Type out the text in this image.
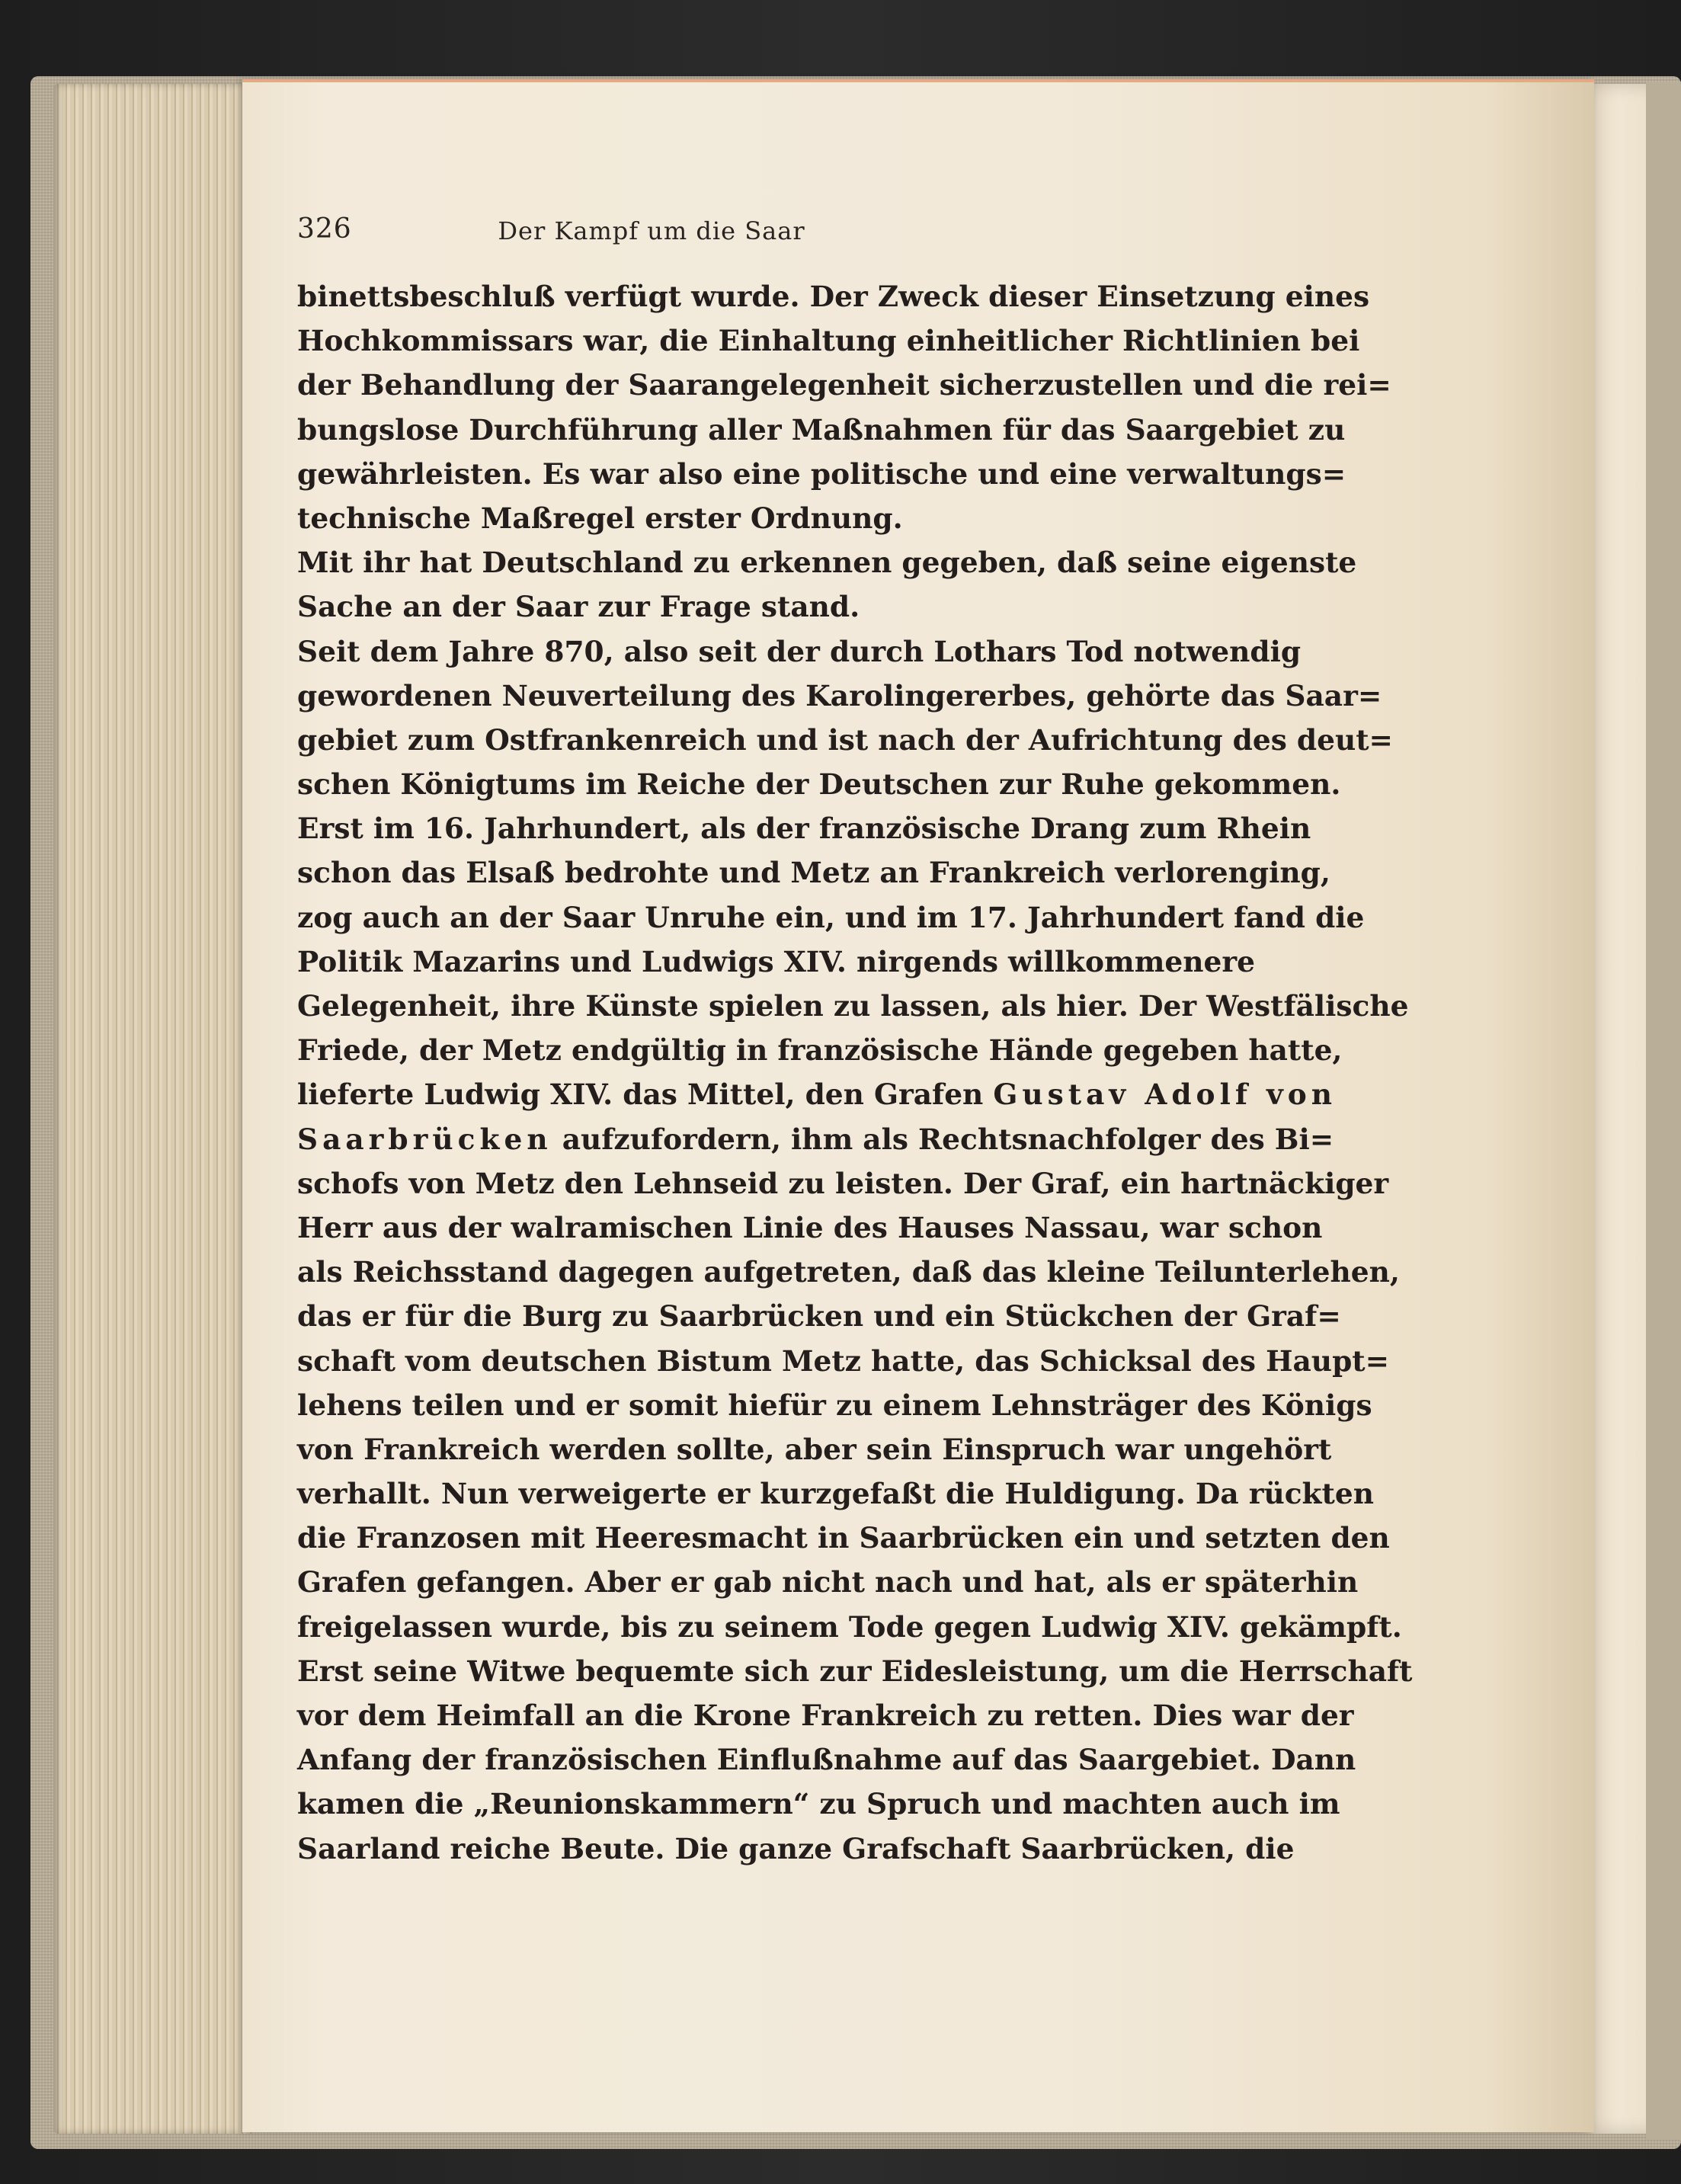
326	Der Kampf um die Saar
binettsbeschluß verfügt wurde. Der Zweck dieser Einsetzung eines
Hochkommissars war, die Einhaltung einheitlicher Richtlinien bei
der Behandlung der Saarangelegenheit sicherzustellen und die rei=
bungslose Durchführung aller Maßnahmen für das Saargebiet zu
gewährleisten. Es war also eine politische und eine verwaltungs=
technische Maßregel erster Ordnung.
Mit ihr hat Deutschland zu erkennen gegeben, daß seine eigenste
Sache an der Saar zur Frage stand.
Seit dem Jahre 870, also seit der durch Lothars Tod notwendig
gewordenen Neuverteilung des Karolingererbes, gehörte das Saar=
gebiet zum Ostfrankenreich und ist nach der Aufrichtung des deut=
schen Königtums im Reiche der Deutschen zur Ruhe gekommen.
Erst im 16. Jahrhundert, als der französische Drang zum Rhein
schon das Elsaß bedrohte und Metz an Frankreich verlorenging,
zog auch an der Saar Unruhe ein, und im 17. Jahrhundert fand die
Politik Mazarins und Ludwigs XIV. nirgends willkommenere
Gelegenheit, ihre Künste spielen zu lassen, als hier. Der Westfälische
Friede, der Metz endgültig in französische Hände gegeben hatte,
lieferte Ludwig XIV. das Mittel, den Grafen Gustav Adolf von
Saarbrücken aufzufordern, ihm als Rechtsnachfolger des Bi=
schofs von Metz den Lehnseid zu leisten. Der Graf, ein hartnäckiger
Herr aus der walramischen Linie des Hauses Nassau, war schon
als Reichsstand dagegen aufgetreten, daß das kleine Teilunterlehen,
das er für die Burg zu Saarbrücken und ein Stückchen der Graf=
schaft vom deutschen Bistum Metz hatte, das Schicksal des Haupt=
lehens teilen und er somit hiefür zu einem Lehnsträger des Königs
von Frankreich werden sollte, aber sein Einspruch war ungehört
verhallt. Nun verweigerte er kurzgefaßt die Huldigung. Da rückten
die Franzosen mit Heeresmacht in Saarbrücken ein und setzten den
Grafen gefangen. Aber er gab nicht nach und hat, als er späterhin
freigelassen wurde, bis zu seinem Tode gegen Ludwig XIV. gekämpft.
Erst seine Witwe bequemte sich zur Eidesleistung, um die Herrschaft
vor dem Heimfall an die Krone Frankreich zu retten. Dies war der
Anfang der französischen Einflußnahme auf das Saargebiet. Dann
kamen die „Reunionskammern“ zu Spruch und machten auch im
Saarland reiche Beute. Die ganze Grafschaft Saarbrücken, die
